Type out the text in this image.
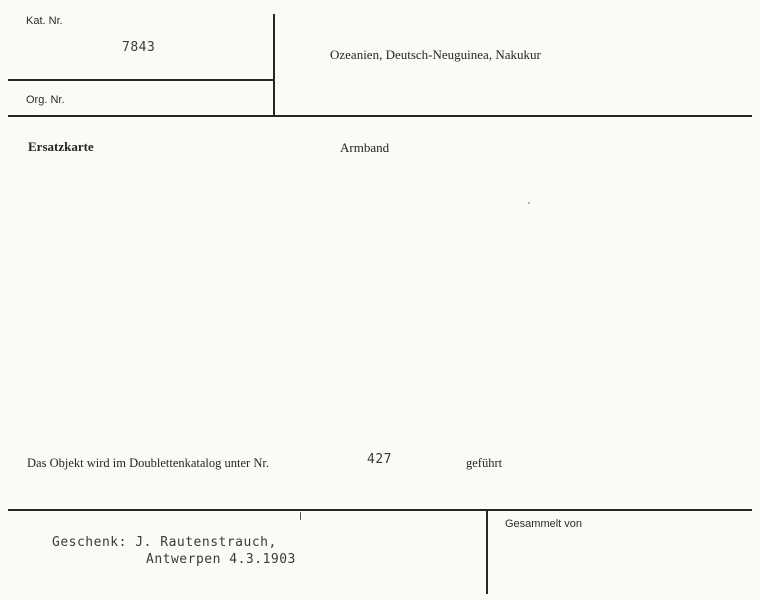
Kat. Nr.
7843
Org. Nr.
Ozeanien, Deutsch-Neuguinea, Nakukur
Ersatzkarte	Armband
Das Objekt wird im Doublettenkatalog unter Nr.	427	geführt
Geschenk: J. Rautenstrauch,
Antwerpen 4.3.1903
Gesammelt von
